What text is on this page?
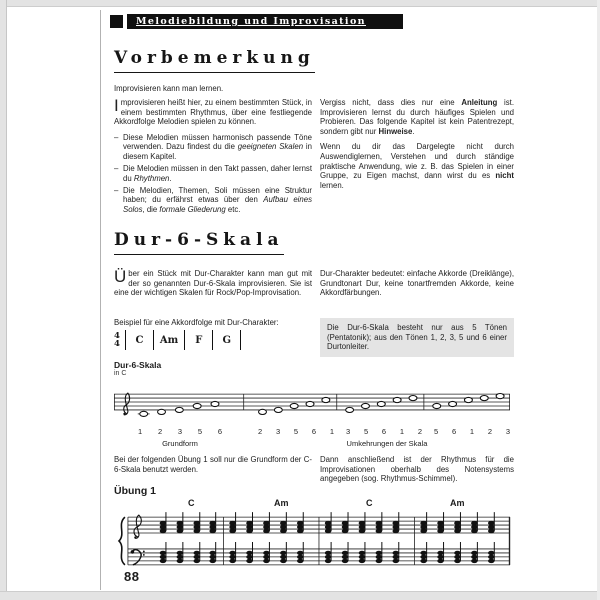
Melodiebildung und Improvisation
Vorbemerkung
Improvisieren kann man lernen.
Improvisieren heißt hier, zu einem bestimmten Stück, in einem bestimmten Rhythmus, über eine festliegende Akkordfolge Melodien spielen zu können.
– Diese Melodien müssen harmonisch passende Töne verwenden. Dazu findest du die geeigneten Skalen in diesem Kapitel.
– Die Melodien müssen in den Takt passen, daher lernst du Rhythmen.
– Die Melodien, Themen, Soli müssen eine Struktur haben; du erfährst etwas über den Aufbau eines Solos, die formale Gliederung etc.
Vergiss nicht, dass dies nur eine Anleitung ist. Improvisieren lernst du durch häufiges Spielen und Probieren. Das folgende Kapitel ist kein Patentrezept, sondern gibt nur Hinweise.
Wenn du dir das Dargelegte nicht durch Auswendiglernen, Verstehen und durch ständige praktische Anwendung, wie z. B. das Spielen in einer Gruppe, zu Eigen machst, dann wirst du es nicht lernen.
Dur-6-Skala
Über ein Stück mit Dur-Charakter kann man gut mit der so genannten Dur-6-Skala improvisieren. Sie ist eine der wichtigen Skalen für Rock/Pop-Improvisation.
Dur-Charakter bedeutet: einfache Akkorde (Dreiklänge), Grundtonart Dur, keine tonartfremden Akkorde, keine Akkordfärbungen.
Beispiel für eine Akkordfolge mit Dur-Charakter:
4
4	C	Am	F	G
Die Dur-6-Skala besteht nur aus 5 Tönen (Pentatonik); aus den Tönen 1, 2, 3, 5 und 6 einer Durtonleiter.
Dur-6-Skala
in C
1 2 3 5 6	2 3 5 6 1 3 5 6 1 2 5 6 1 2 3
Grundform	Umkehrungen der Skala
Bei der folgenden Übung 1 soll nur die Grundform der C-6-Skala benutzt werden.
Dann anschließend ist der Rhythmus für die Improvisationen oberhalb des Notensystems angegeben (sog. Rhythmus-Schimmel).
Übung 1
C	Am	C	Am
88
